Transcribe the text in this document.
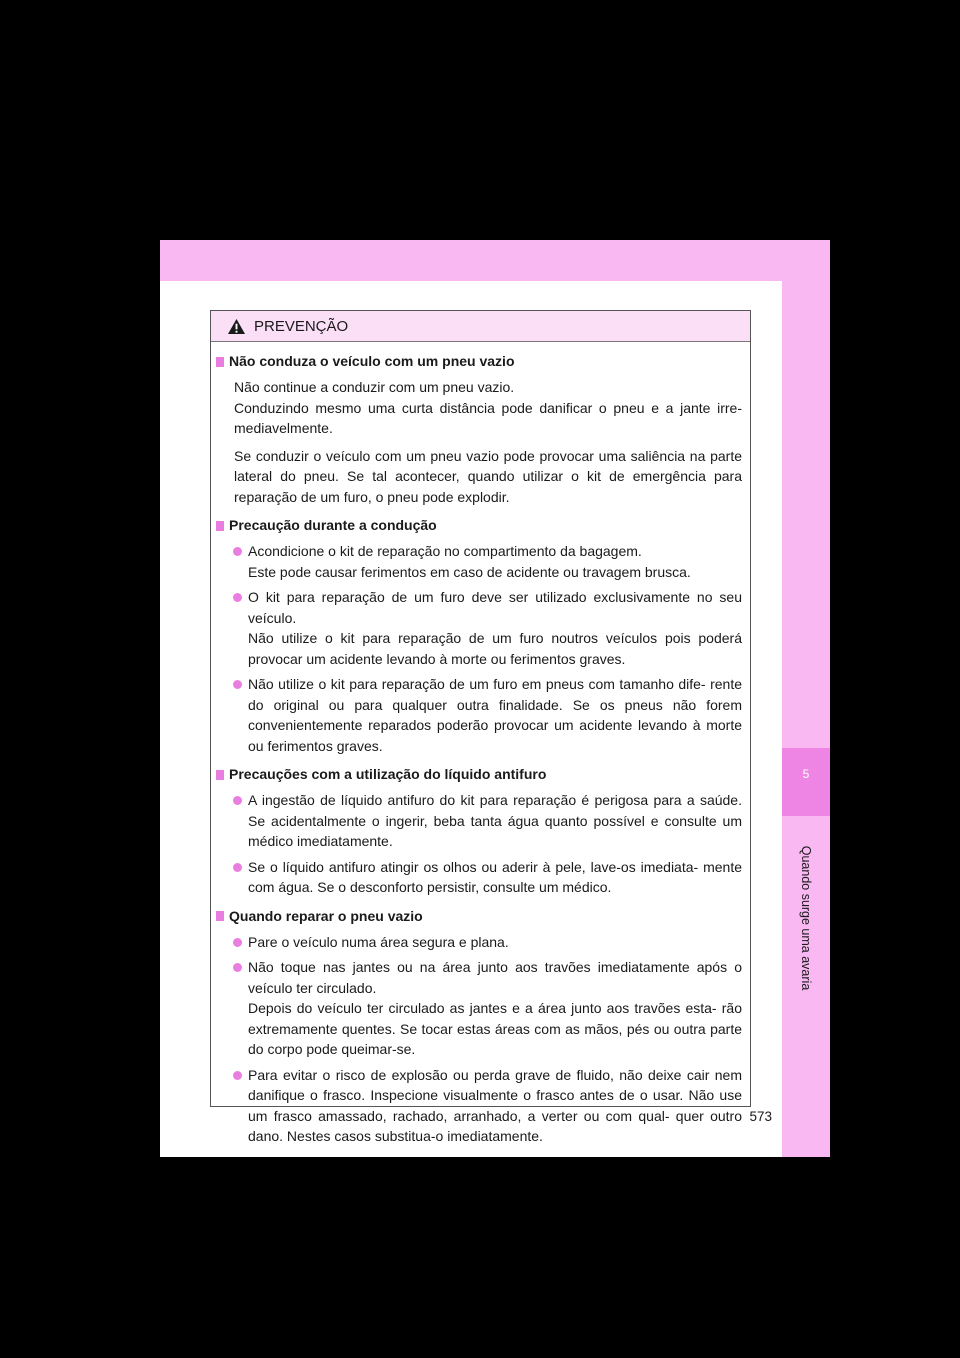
5
Quando surge uma avaria
PREVENÇÃO
Não conduza o veículo com um pneu vazio

Não continue a conduzir com um pneu vazio.

Conduzindo mesmo uma curta distância pode danificar o pneu e a jante irre- mediavelmente.

Se conduzir o veículo com um pneu vazio pode provocar uma saliência na parte lateral do pneu. Se tal acontecer, quando utilizar o kit de emergência para reparação de um furo, o pneu pode explodir.

Precaução durante a condução

Acondicione o kit de reparação no compartimento da bagagem.

Este pode causar ferimentos em caso de acidente ou travagem brusca.

O kit para reparação de um furo deve ser utilizado exclusivamente no seu veículo.

Não utilize o kit para reparação de um furo noutros veículos pois poderá provocar um acidente levando à morte ou ferimentos graves.

Não utilize o kit para reparação de um furo em pneus com tamanho dife- rente do original ou para qualquer outra finalidade. Se os pneus não forem convenientemente reparados poderão provocar um acidente levando à morte ou ferimentos graves.

Precauções com a utilização do líquido antifuro

A ingestão de líquido antifuro do kit para reparação é perigosa para a saúde. Se acidentalmente o ingerir, beba tanta água quanto possível e consulte um médico imediatamente.

Se o líquido antifuro atingir os olhos ou aderir à pele, lave-os imediata- mente com água. Se o desconforto persistir, consulte um médico.

Quando reparar o pneu vazio

Pare o veículo numa área segura e plana.

Não toque nas jantes ou na área junto aos travões imediatamente após o veículo ter circulado.

Depois do veículo ter circulado as jantes e a área junto aos travões esta- rão extremamente quentes. Se tocar estas áreas com as mãos, pés ou outra parte do corpo pode queimar-se.

Para evitar o risco de explosão ou perda grave de fluido, não deixe cair nem danifique o frasco. Inspecione visualmente o frasco antes de o usar. Não use um frasco amassado, rachado, arranhado, a verter ou com qual- quer outro dano. Nestes casos substitua-o imediatamente.

573
